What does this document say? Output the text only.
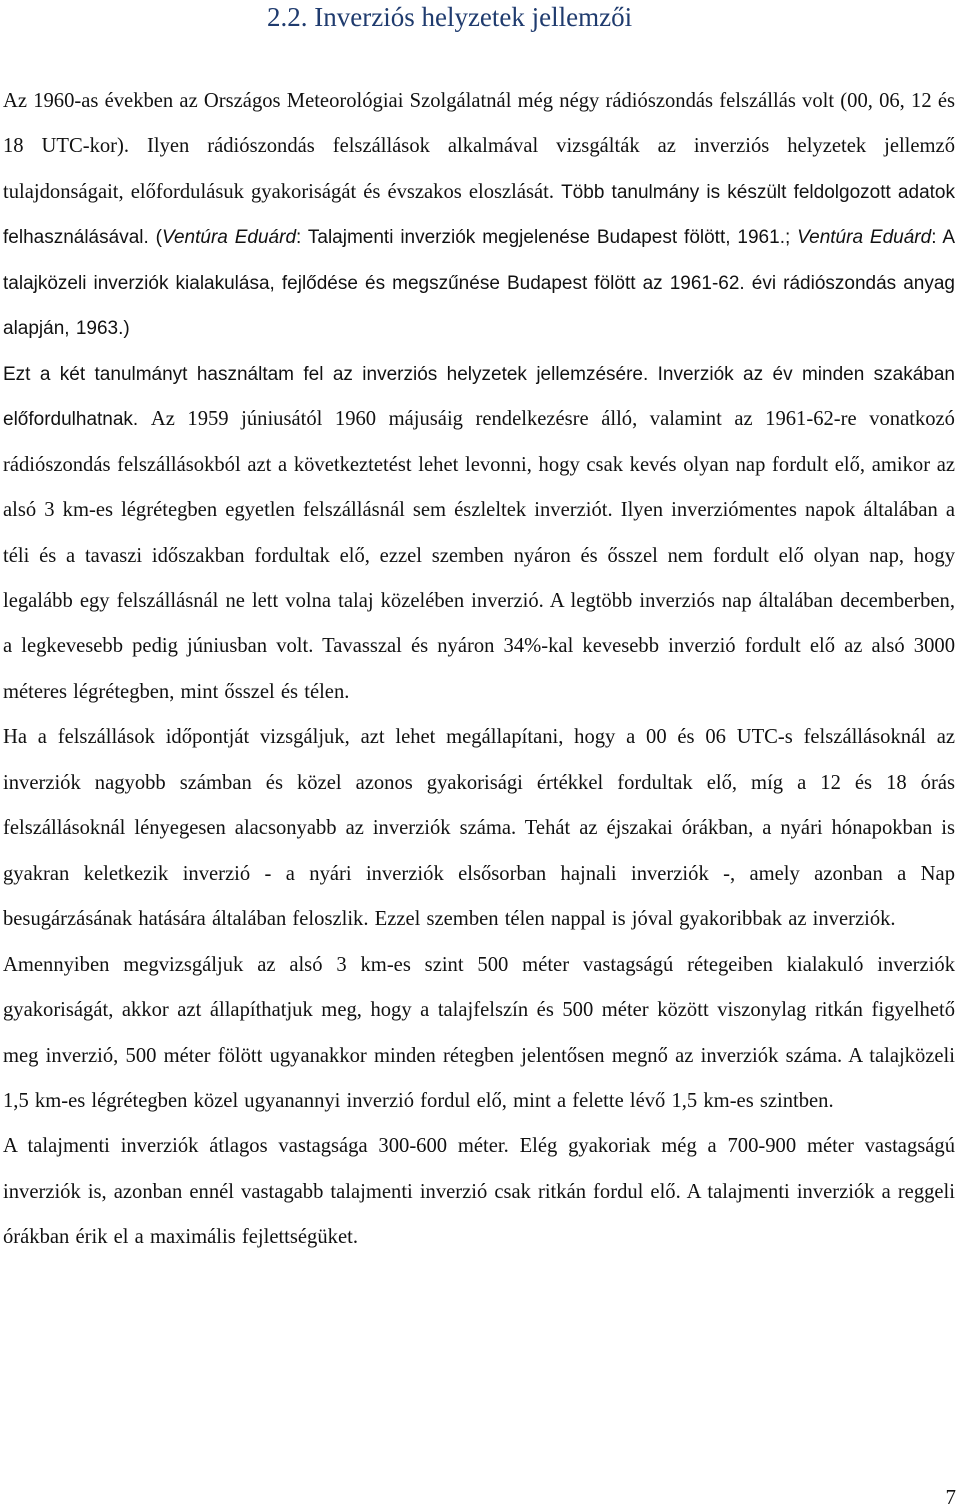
2.2. Inverziós helyzetek jellemzői

Az 1960-as években az Országos Meteorológiai Szolgálatnál még négy rádiószondás felszállás volt (00, 06, 12 és 18 UTC-kor). Ilyen rádiószondás felszállások alkalmával vizsgálták az inverziós helyzetek jellemző tulajdonságait, előfordulásuk gyakoriságát és évszakos eloszlását. Több tanulmány is készült feldolgozott adatok felhasználásával. (Ventúra Eduárd: Talajmenti inverziók megjelenése Budapest fölött, 1961.; Ventúra Eduárd: A talajközeli inverziók kialakulása, fejlődése és megszűnése Budapest fölött az 1961-62. évi rádiószondás anyag alapján, 1963.)

Ezt a két tanulmányt használtam fel az inverziós helyzetek jellemzésére. Inverziók az év minden szakában előfordulhatnak. Az 1959 júniusától 1960 májusáig rendelkezésre álló, valamint az 1961-62-re vonatkozó rádiószondás felszállásokból azt a következtetést lehet levonni, hogy csak kevés olyan nap fordult elő, amikor az alsó 3 km-es légrétegben egyetlen felszállásnál sem észleltek inverziót. Ilyen inverziómentes napok általában a téli és a tavaszi időszakban fordultak elő, ezzel szemben nyáron és ősszel nem fordult elő olyan nap, hogy legalább egy felszállásnál ne lett volna talaj közelében inverzió. A legtöbb inverziós nap általában decemberben, a legkevesebb pedig júniusban volt. Tavasszal és nyáron 34%-kal kevesebb inverzió fordult elő az alsó 3000 méteres légrétegben, mint ősszel és télen.

Ha a felszállások időpontját vizsgáljuk, azt lehet megállapítani, hogy a 00 és 06 UTC-s felszállásoknál az inverziók nagyobb számban és közel azonos gyakorisági értékkel fordultak elő, míg a 12 és 18 órás felszállásoknál lényegesen alacsonyabb az inverziók száma. Tehát az éjszakai órákban, a nyári hónapokban is gyakran keletkezik inverzió - a nyári inverziók elsősorban hajnali inverziók -, amely azonban a Nap besugárzásának hatására általában feloszlik. Ezzel szemben télen nappal is jóval gyakoribbak az inverziók.

Amennyiben megvizsgáljuk az alsó 3 km-es szint 500 méter vastagságú rétegeiben kialakuló inverziók gyakoriságát, akkor azt állapíthatjuk meg, hogy a talajfelszín és 500 méter között viszonylag ritkán figyelhető meg inverzió, 500 méter fölött ugyanakkor minden rétegben jelentősen megnő az inverziók száma. A talajközeli 1,5 km-es légrétegben közel ugyanannyi inverzió fordul elő, mint a felette lévő 1,5 km-es szintben.

A talajmenti inverziók átlagos vastagsága 300-600 méter. Elég gyakoriak még a 700-900 méter vastagságú inverziók is, azonban ennél vastagabb talajmenti inverzió csak ritkán fordul elő. A talajmenti inverziók a reggeli órákban érik el a maximális fejlettségüket.

7
